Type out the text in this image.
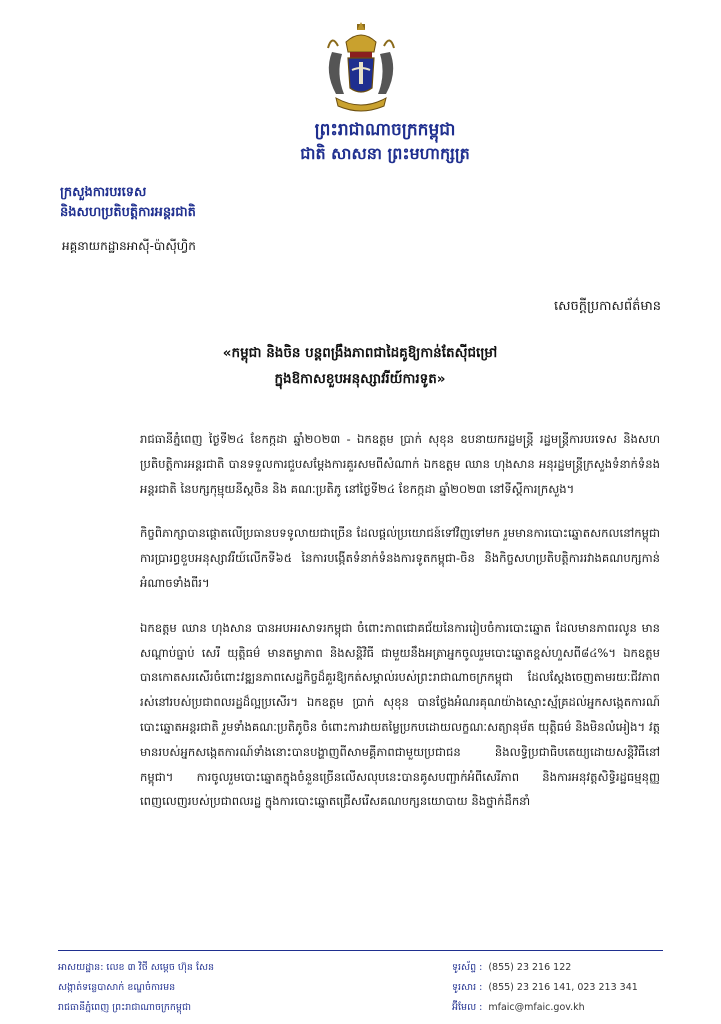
ព្រះរាជាណាចក្រកម្ពុជា
ជាតិ សាសនា ព្រះមហាក្សត្រ
ក្រសួងការបរទេស
និងសហប្រតិបត្តិការអន្តរជាតិ
អគ្គនាយកដ្ឋានអាស៊ី-ប៉ាស៊ីហ្វិក
សេចក្តីប្រកាសព័ត៌មាន
«កម្ពុជា និងចិន បន្តពង្រឹងភាពជាដៃគូឱ្យកាន់តែស៊ីជម្រៅ
ក្នុងឱកាសខួបអនុស្សាវរីយ៍ការទូត»

រាជធានីភ្នំពេញ ថ្ងៃទី២៤ ខែកក្កដា ឆ្នាំ២០២៣ - ឯកឧត្តម ប្រាក់ សុខុន ឧបនាយករដ្ឋមន្ត្រី រដ្ឋមន្ត្រីការបរទេស និងសហប្រតិបត្តិការអន្តរជាតិ បានទទួលការជួបសម្តែងការគួរសមពីសំណាក់ ឯកឧត្តម ឈាន ហុងសាន អនុរដ្ឋមន្ត្រីក្រសួងទំនាក់ទំនងអន្តរជាតិ នៃបក្សកុម្មុយនីស្តចិន និង គណៈប្រតិភូ នៅថ្ងៃទី២៤ ខែកក្កដា ឆ្នាំ២០២៣ នៅទីស្តីការក្រសួង។

កិច្ចពិភាក្សាបានផ្តោតលើប្រធានបទទូលាយជាច្រើន ដែលផ្តល់ប្រយោជន៍ទៅវិញទៅមក រួមមានការបោះឆ្នោតសកលនៅកម្ពុជា ការប្រារព្ធខួបអនុស្សាវរីយ៍លើកទី៦៥ នៃការបង្កើតទំនាក់ទំនងការទូតកម្ពុជា-ចិន និងកិច្ចសហប្រតិបត្តិការរវាងគណបក្សកាន់អំណាចទាំងពីរ។

ឯកឧត្តម ឈាន ហុងសាន បានអបអរសាទរកម្ពុជា ចំពោះភាពជោគជ័យនៃការរៀបចំការបោះឆ្នោត ដែលមានភាពរលូន មានសណ្តាប់ធ្នាប់ សេរី យុត្តិធម៌ មានតម្លាភាព និងសន្តិវិធី ជាមួយនឹងអត្រាអ្នកចូលរួមបោះឆ្នោតខ្ពស់ហួសពី៨៤%។ ឯកឧត្តម បានកោតសរសើរចំពោះវឌ្ឍនភាពសេដ្ឋកិច្ចដ៏គួរឱ្យកត់សម្គាល់របស់ព្រះរាជាណាចក្រកម្ពុជា ដែលស្តែងចេញតាមរយៈជីវភាពរស់នៅរបស់ប្រជាពលរដ្ឋដ៏ល្អប្រសើរ។ ឯកឧត្តម ប្រាក់ សុខុន បានថ្លែងអំណរគុណយ៉ាងស្មោះស្ម័គ្រដល់អ្នកសង្កេតការណ៍បោះឆ្នោតអន្តរជាតិ រួមទាំងគណៈប្រតិភូចិន ចំពោះការវាយតម្លៃប្រកបដោយលក្ខណៈសត្យានុម័ត យុត្តិធម៌ និងមិនលំអៀង។ វត្តមានរបស់អ្នកសង្កេតការណ៍ទាំងនោះបានបង្ហាញពីសាមគ្គីភាពជាមួយប្រជាជន និងលទ្ធិប្រជាធិបតេយ្យដោយសន្តិវិធីនៅកម្ពុជា។ ការចូលរួមបោះឆ្នោតក្នុងចំនួនច្រើនលើសលុបនេះបានគូសបញ្ជាក់អំពីសេរីភាព និងការអនុវត្តសិទ្ធិរដ្ឋធម្មនុញ្ញពេញលេញរបស់ប្រជាពលរដ្ឋ ក្នុងការបោះឆ្នោតជ្រើសរើសគណបក្សនយោបាយ និងថ្នាក់ដឹកនាំ

អាសយដ្ឋាន: លេខ ៣ វិថី សម្តេច ហ៊ុន សែន
សង្កាត់ទន្លេបាសាក់ ខណ្ឌចំការមន
រាជធានីភ្នំពេញ ព្រះរាជាណាចក្រកម្ពុជា
ទូរស័ព្ទ : (855) 23 216 122
ទូរសារ : (855) 23 216 141, 023 213 341
អ៊ីមែល : mfaic@mfaic.gov.kh
